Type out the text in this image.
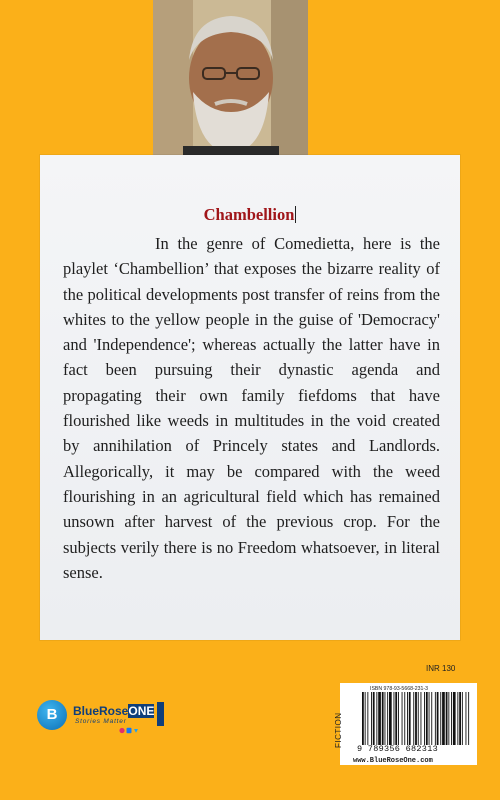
Chambellion

In the genre of Comedietta, here is the playlet ‘Chambellion’ that exposes the bizarre reality of the political developments post transfer of reins from the whites to the yellow people in the guise of 'Democracy' and 'Independence'; whereas actually the latter have in fact been pursuing their dynastic agenda and propagating their own family fiefdoms that have flourished like weeds in multitudes in the void created by annihilation of Princely states and Landlords. Allegorically, it may be compared with the weed flourishing in an agricultural field which has remained unsown after harvest of the previous crop. For the subjects verily there is no Freedom whatsoever, in literal sense.

INR 130
FICTION
ISBN 978-93-5668-231-3
9 789356 682313
www.BlueRoseOne.com
B	BlueRoseONE
Stories Matter
